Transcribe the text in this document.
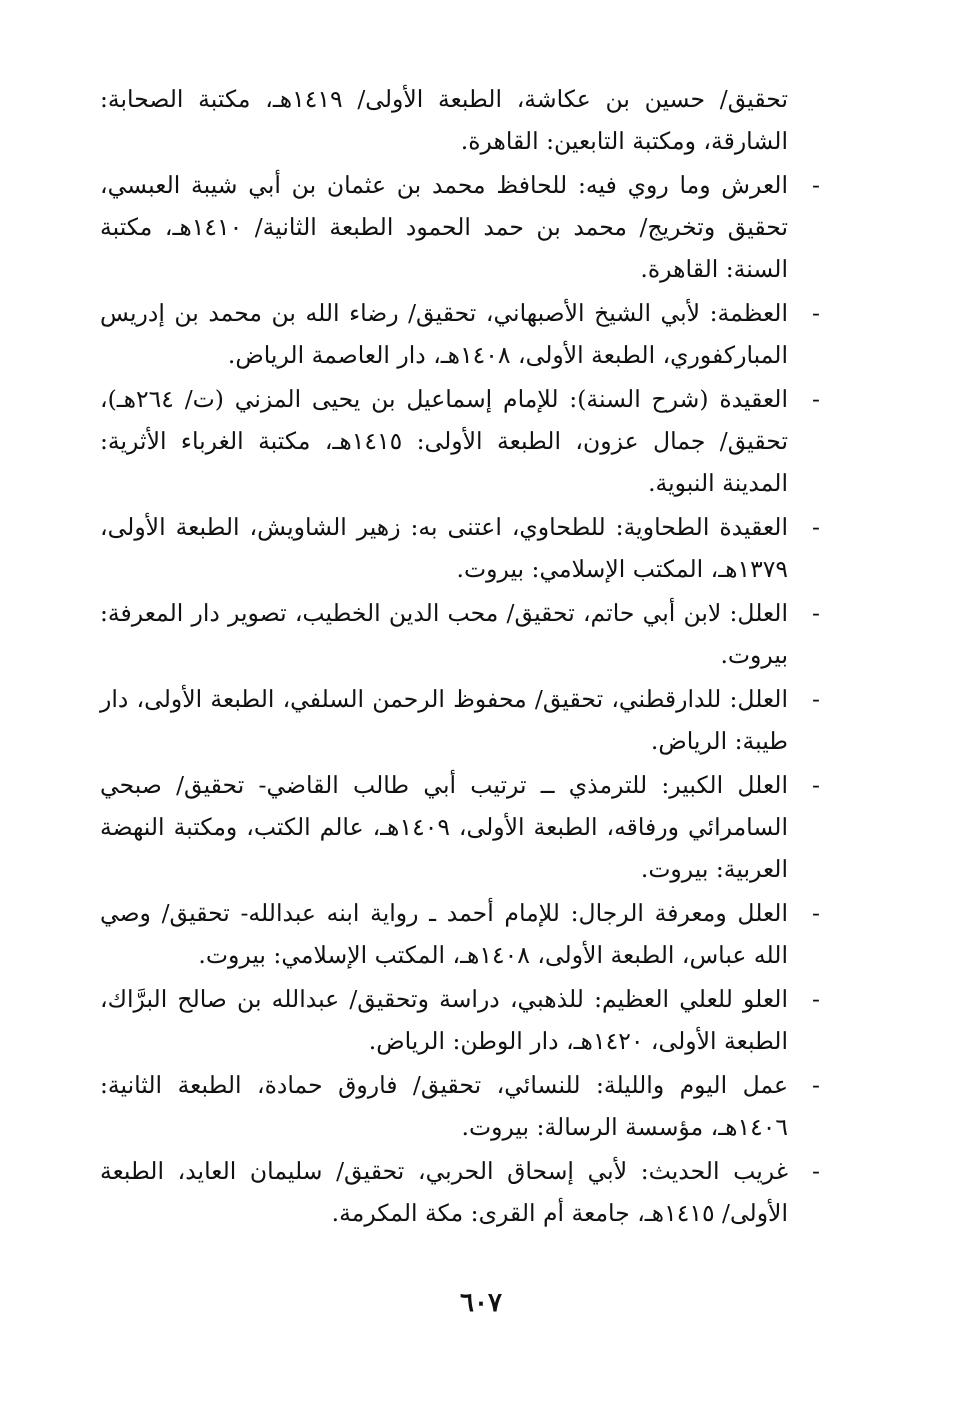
تحقيق/ حسين بن عكاشة، الطبعة الأولى/ ١٤١٩هـ، مكتبة الصحابة: الشارقة، ومكتبة التابعين: القاهرة.

-
العرش وما روي فيه: للحافظ محمد بن عثمان بن أبي شيبة العبسي، تحقيق وتخريج/ محمد بن حمد الحمود الطبعة الثانية/ ١٤١٠هـ، مكتبة السنة: القاهرة.

-
العظمة: لأبي الشيخ الأصبهاني، تحقيق/ رضاء الله بن محمد بن إدريس المباركفوري، الطبعة الأولى، ١٤٠٨هـ، دار العاصمة الرياض.

-
العقيدة (شرح السنة): للإمام إسماعيل بن يحيى المزني (ت/ ٢٦٤هـ)، تحقيق/ جمال عزون، الطبعة الأولى: ١٤١٥هـ، مكتبة الغرباء الأثرية: المدينة النبوية.

-
العقيدة الطحاوية: للطحاوي، اعتنى به: زهير الشاويش، الطبعة الأولى، ١٣٧٩هـ، المكتب الإسلامي: بيروت.

-
العلل: لابن أبي حاتم، تحقيق/ محب الدين الخطيب، تصوير دار المعرفة: بيروت.

-
العلل: للدارقطني، تحقيق/ محفوظ الرحمن السلفي، الطبعة الأولى، دار طيبة: الرياض.

-
العلل الكبير: للترمذي ــ ترتيب أبي طالب القاضي- تحقيق/ صبحي السامرائي ورفاقه، الطبعة الأولى، ١٤٠٩هـ، عالم الكتب، ومكتبة النهضة العربية: بيروت.

-
العلل ومعرفة الرجال: للإمام أحمد ـ رواية ابنه عبدالله- تحقيق/ وصي الله عباس، الطبعة الأولى، ١٤٠٨هـ، المكتب الإسلامي: بيروت.

-
العلو للعلي العظيم: للذهبي، دراسة وتحقيق/ عبدالله بن صالح البرَّاك، الطبعة الأولى، ١٤٢٠هـ، دار الوطن: الرياض.

-
عمل اليوم والليلة: للنسائي، تحقيق/ فاروق حمادة، الطبعة الثانية: ١٤٠٦هـ، مؤسسة الرسالة: بيروت.

-
غريب الحديث: لأبي إسحاق الحربي، تحقيق/ سليمان العايد، الطبعة الأولى/ ١٤١٥هـ، جامعة أم القرى: مكة المكرمة.

٦٠٧
